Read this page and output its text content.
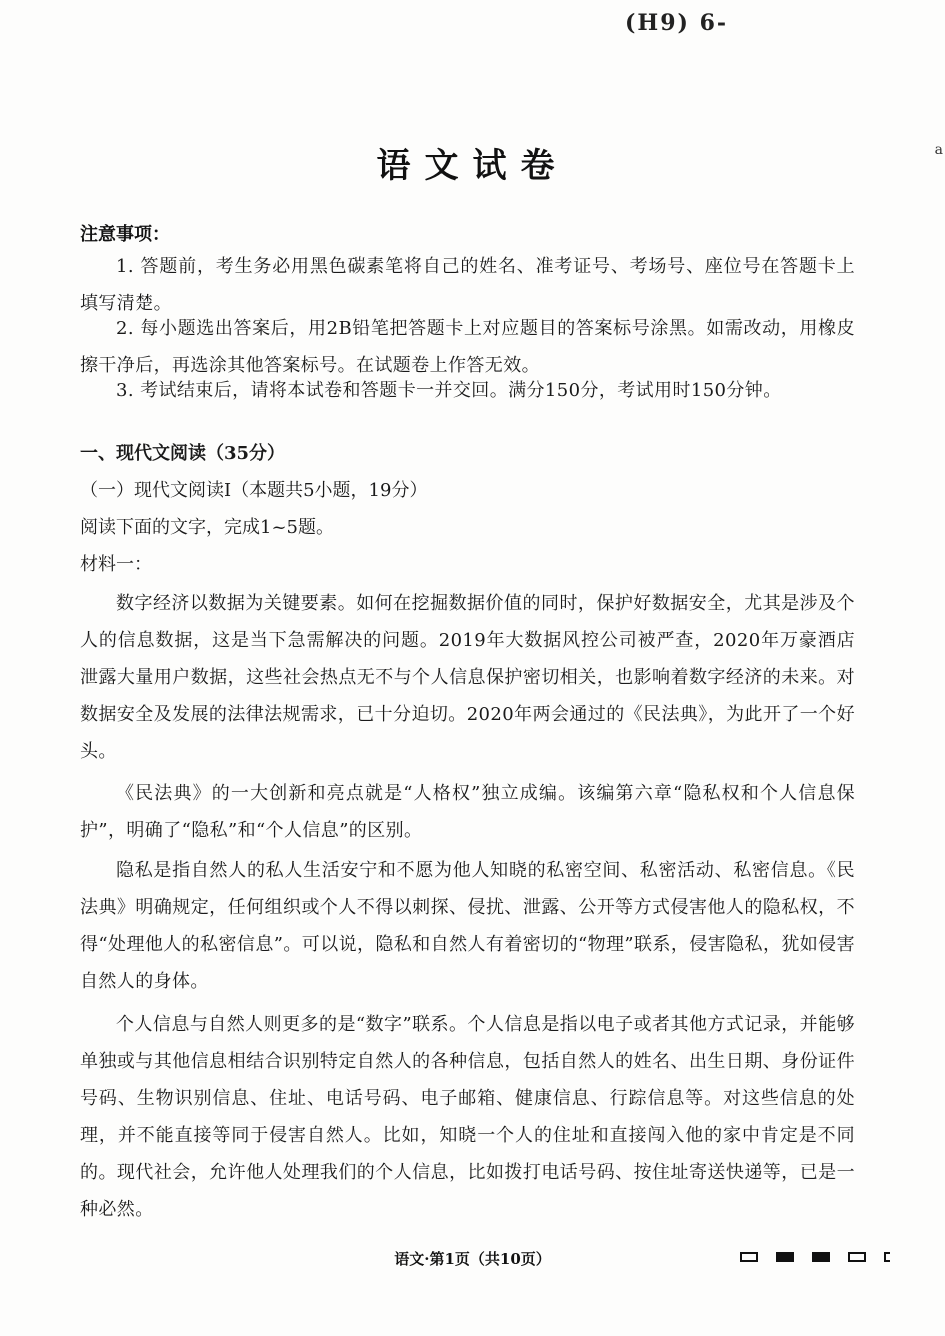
(H9) 6-
a
语文试卷
注意事项：

1. 答题前，考生务必用黑色碳素笔将自己的姓名、准考证号、考场号、座位号在答题卡上填写清楚。

2. 每小题选出答案后，用2B铅笔把答题卡上对应题目的答案标号涂黑。如需改动，用橡皮擦干净后，再选涂其他答案标号。在试题卷上作答无效。

3. 考试结束后，请将本试卷和答题卡一并交回。满分150分，考试用时150分钟。

一、现代文阅读（35分）
（一）现代文阅读Ⅰ（本题共5小题，19分）
阅读下面的文字，完成1~5题。
材料一：

数字经济以数据为关键要素。如何在挖掘数据价值的同时，保护好数据安全，尤其是涉及个人的信息数据，这是当下急需解决的问题。2019年大数据风控公司被严查，2020年万豪酒店泄露大量用户数据，这些社会热点无不与个人信息保护密切相关，也影响着数字经济的未来。对数据安全及发展的法律法规需求，已十分迫切。2020年两会通过的《民法典》，为此开了一个好头。

《民法典》的一大创新和亮点就是“人格权”独立成编。该编第六章“隐私权和个人信息保护”，明确了“隐私”和“个人信息”的区别。

隐私是指自然人的私人生活安宁和不愿为他人知晓的私密空间、私密活动、私密信息。《民法典》明确规定，任何组织或个人不得以刺探、侵扰、泄露、公开等方式侵害他人的隐私权，不得“处理他人的私密信息”。可以说，隐私和自然人有着密切的“物理”联系，侵害隐私，犹如侵害自然人的身体。

个人信息与自然人则更多的是“数字”联系。个人信息是指以电子或者其他方式记录，并能够单独或与其他信息相结合识别特定自然人的各种信息，包括自然人的姓名、出生日期、身份证件号码、生物识别信息、住址、电话号码、电子邮箱、健康信息、行踪信息等。对这些信息的处理，并不能直接等同于侵害自然人。比如，知晓一个人的住址和直接闯入他的家中肯定是不同的。现代社会，允许他人处理我们的个人信息，比如拨打电话号码、按住址寄送快递等，已是一种必然。

语文·第1页（共10页）
